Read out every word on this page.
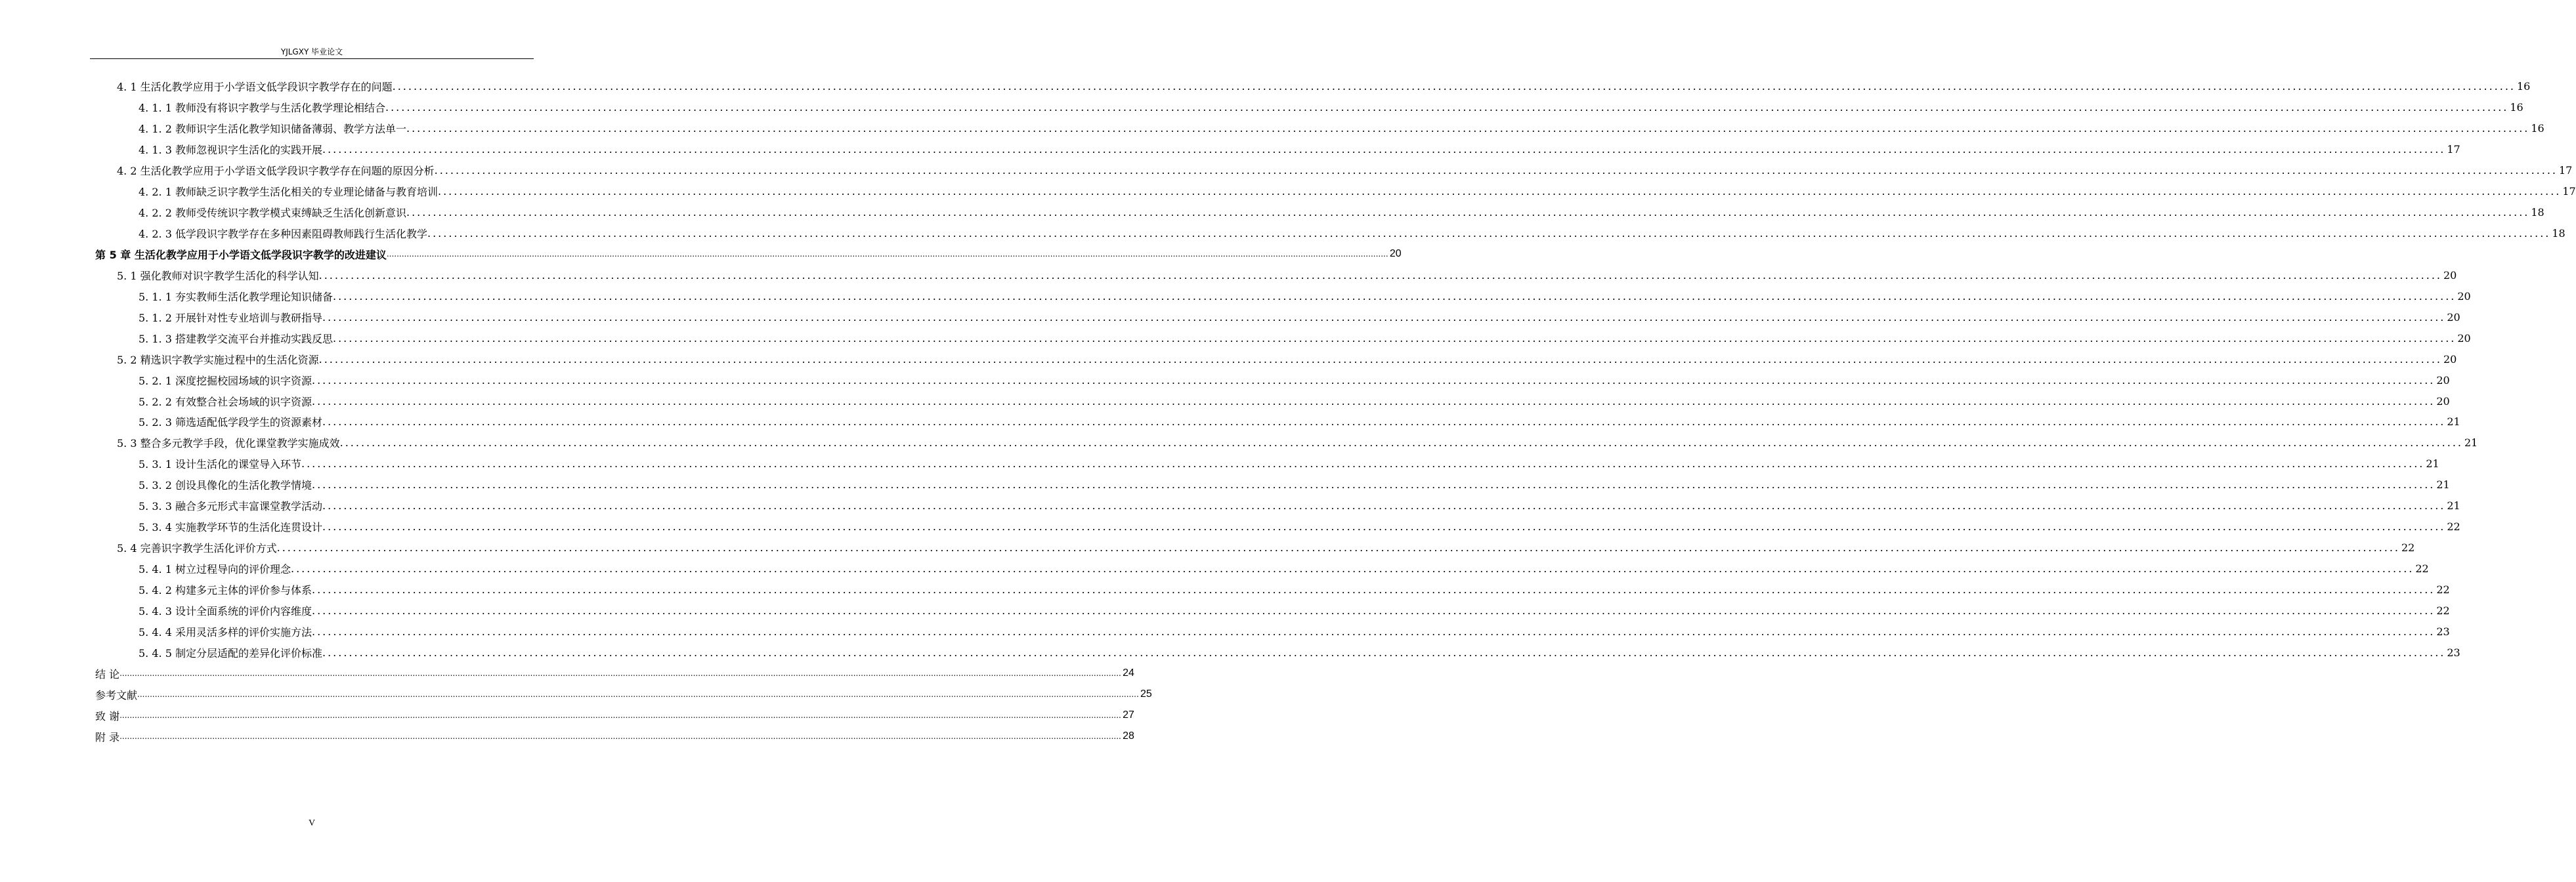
YJLGXY 毕业论文
4. 1 生活化教学应用于小学语文低学段识字教学存在的问题 ................................................................................................................................................................................................................................................................................................................................................................................................................ 16
4. 1. 1 教师没有将识字教学与生活化教学理论相结合 ................................................................................................................................................................................................................................................................................................................................................................................................................ 16
4. 1. 2 教师识字生活化教学知识储备薄弱、教学方法单一 ................................................................................................................................................................................................................................................................................................................................................................................................................ 16
4. 1. 3 教师忽视识字生活化的实践开展 ................................................................................................................................................................................................................................................................................................................................................................................................................ 17
4. 2 生活化教学应用于小学语文低学段识字教学存在问题的原因分析 ................................................................................................................................................................................................................................................................................................................................................................................................................ 17
4. 2. 1 教师缺乏识字教学生活化相关的专业理论储备与教育培训 ................................................................................................................................................................................................................................................................................................................................................................................................................ 17
4. 2. 2 教师受传统识字教学模式束缚缺乏生活化创新意识 ................................................................................................................................................................................................................................................................................................................................................................................................................ 18
4. 2. 3 低学段识字教学存在多种因素阻碍教师践行生活化教学 ................................................................................................................................................................................................................................................................................................................................................................................................................ 18
第 5 章 生活化教学应用于小学语文低学段识字教学的改进建议 ................................................................................................................................................................................................................................................................................................................................................................................................................ 20
5. 1 强化教师对识字教学生活化的科学认知 ................................................................................................................................................................................................................................................................................................................................................................................................................ 20
5. 1. 1 夯实教师生活化教学理论知识储备 ................................................................................................................................................................................................................................................................................................................................................................................................................ 20
5. 1. 2 开展针对性专业培训与教研指导 ................................................................................................................................................................................................................................................................................................................................................................................................................ 20
5. 1. 3 搭建教学交流平台并推动实践反思 ................................................................................................................................................................................................................................................................................................................................................................................................................ 20
5. 2 精选识字教学实施过程中的生活化资源 ................................................................................................................................................................................................................................................................................................................................................................................................................ 20
5. 2. 1 深度挖掘校园场域的识字资源 ................................................................................................................................................................................................................................................................................................................................................................................................................ 20
5. 2. 2 有效整合社会场域的识字资源 ................................................................................................................................................................................................................................................................................................................................................................................................................ 20
5. 2. 3 筛选适配低学段学生的资源素材 ................................................................................................................................................................................................................................................................................................................................................................................................................ 21
5. 3 整合多元教学手段，优化课堂教学实施成效 ................................................................................................................................................................................................................................................................................................................................................................................................................ 21
5. 3. 1 设计生活化的课堂导入环节 ................................................................................................................................................................................................................................................................................................................................................................................................................ 21
5. 3. 2 创设具像化的生活化教学情境 ................................................................................................................................................................................................................................................................................................................................................................................................................ 21
5. 3. 3 融合多元形式丰富课堂教学活动 ................................................................................................................................................................................................................................................................................................................................................................................................................ 21
5. 3. 4 实施教学环节的生活化连贯设计 ................................................................................................................................................................................................................................................................................................................................................................................................................ 22
5. 4 完善识字教学生活化评价方式 ................................................................................................................................................................................................................................................................................................................................................................................................................ 22
5. 4. 1 树立过程导向的评价理念 ................................................................................................................................................................................................................................................................................................................................................................................................................ 22
5. 4. 2 构建多元主体的评价参与体系 ................................................................................................................................................................................................................................................................................................................................................................................................................ 22
5. 4. 3 设计全面系统的评价内容维度 ................................................................................................................................................................................................................................................................................................................................................................................................................ 22
5. 4. 4 采用灵活多样的评价实施方法 ................................................................................................................................................................................................................................................................................................................................................................................................................ 23
5. 4. 5 制定分层适配的差异化评价标准 ................................................................................................................................................................................................................................................................................................................................................................................................................ 23
结 论 ................................................................................................................................................................................................................................................................................................................................................................................................................ 24
参考文献 ................................................................................................................................................................................................................................................................................................................................................................................................................ 25
致 谢 ................................................................................................................................................................................................................................................................................................................................................................................................................ 27
附 录 ................................................................................................................................................................................................................................................................................................................................................................................................................ 28
V
